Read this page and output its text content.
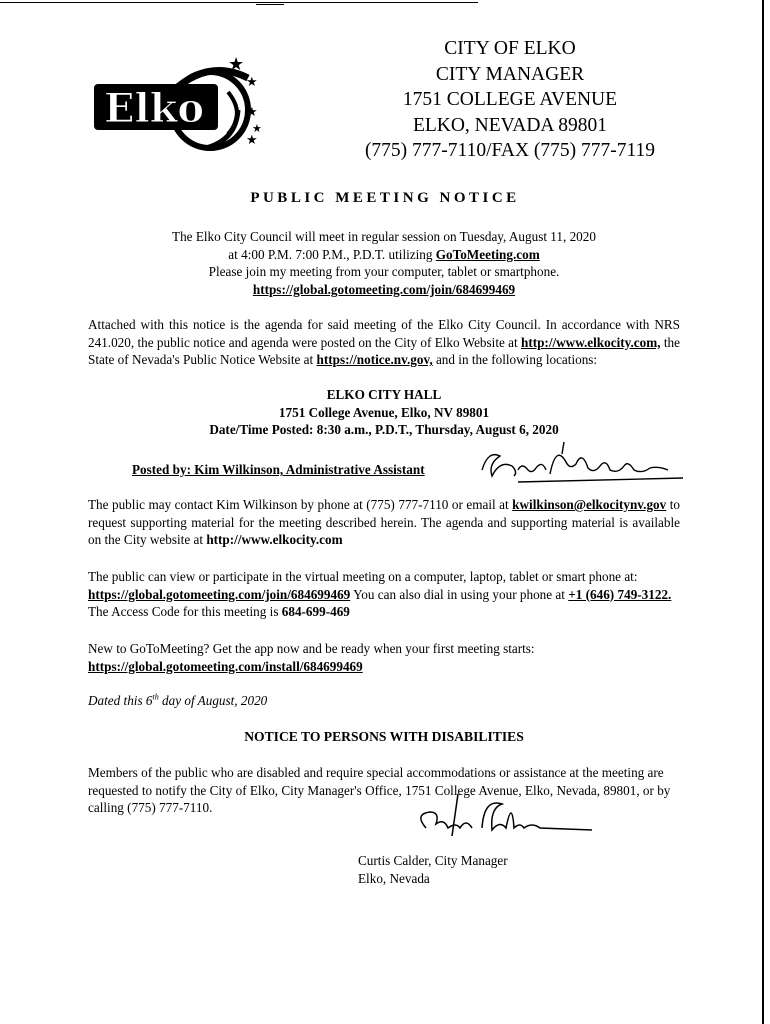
Elko
★
★
★
★
★
CITY OF ELKO
CITY MANAGER
1751 COLLEGE AVENUE
ELKO, NEVADA 89801
(775) 777-7110/FAX (775) 777-7119
PUBLIC MEETING NOTICE
The Elko City Council will meet in regular session on Tuesday, August 11, 2020
at 4:00 P.M. 7:00 P.M., P.D.T. utilizing GoToMeeting.com
Please join my meeting from your computer, tablet or smartphone.
https://global.gotomeeting.com/join/684699469
Attached with this notice is the agenda for said meeting of the Elko City Council. In accordance with NRS 241.020, the public notice and agenda were posted on the City of Elko Website at http://www.elkocity.com, the State of Nevada's Public Notice Website at https://notice.nv.gov, and in the following locations:
ELKO CITY HALL
1751 College Avenue, Elko, NV 89801
Date/Time Posted: 8:30 a.m., P.D.T., Thursday, August 6, 2020
Posted by: Kim Wilkinson, Administrative Assistant
The public may contact Kim Wilkinson by phone at (775) 777-7110 or email at kwilkinson@elkocitynv.gov to request supporting material for the meeting described herein. The agenda and supporting material is available on the City website at http://www.elkocity.com
The public can view or participate in the virtual meeting on a computer, laptop, tablet or smart phone at: https://global.gotomeeting.com/join/684699469 You can also dial in using your phone at +1 (646) 749-3122. The Access Code for this meeting is 684-699-469
New to GoToMeeting? Get the app now and be ready when your first meeting starts:
https://global.gotomeeting.com/install/684699469
Dated this 6th day of August, 2020
NOTICE TO PERSONS WITH DISABILITIES
Members of the public who are disabled and require special accommodations or assistance at the meeting are requested to notify the City of Elko, City Manager's Office, 1751 College Avenue, Elko, Nevada, 89801, or by calling (775) 777-7110.
Curtis Calder, City Manager
Elko, Nevada
